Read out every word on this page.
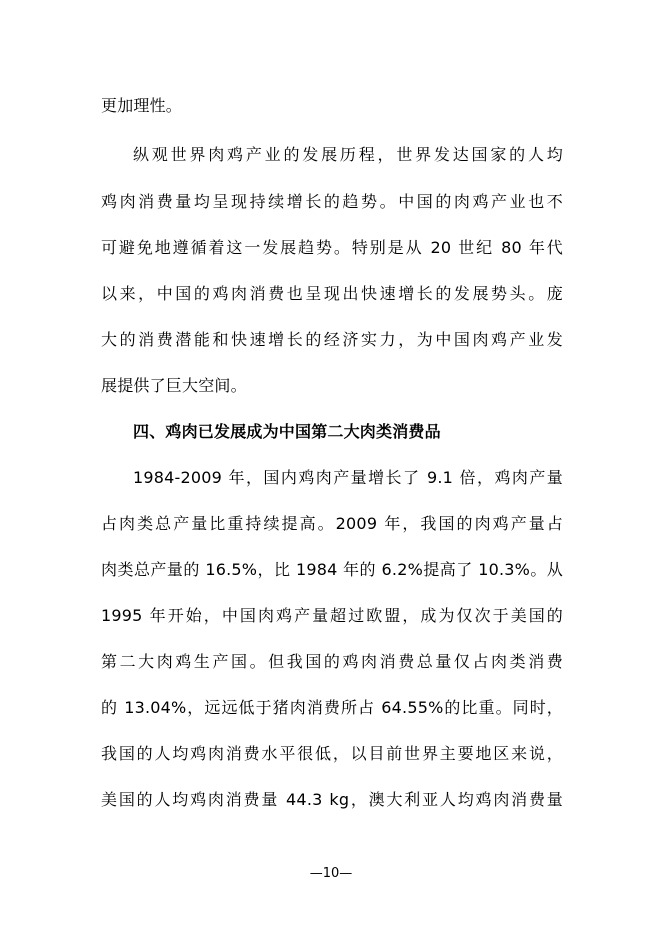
更加理性。
纵观世界肉鸡产业的发展历程，世界发达国家的人均
鸡肉消费量均呈现持续增长的趋势。中国的肉鸡产业也不
可避免地遵循着这一发展趋势。特别是从 20 世纪 80 年代
以来，中国的鸡肉消费也呈现出快速增长的发展势头。庞
大的消费潜能和快速增长的经济实力，为中国肉鸡产业发
展提供了巨大空间。
四、鸡肉已发展成为中国第二大肉类消费品
1984-2009 年，国内鸡肉产量增长了 9.1 倍，鸡肉产量
占肉类总产量比重持续提高。2009 年，我国的肉鸡产量占
肉类总产量的 16.5%，比 1984 年的 6.2%提高了 10.3%。从
1995 年开始，中国肉鸡产量超过欧盟，成为仅次于美国的
第二大肉鸡生产国。但我国的鸡肉消费总量仅占肉类消费
的 13.04%，远远低于猪肉消费所占 64.55%的比重。同时，
我国的人均鸡肉消费水平很低，以目前世界主要地区来说，
美国的人均鸡肉消费量 44.3 kg，澳大利亚人均鸡肉消费量
—10—
